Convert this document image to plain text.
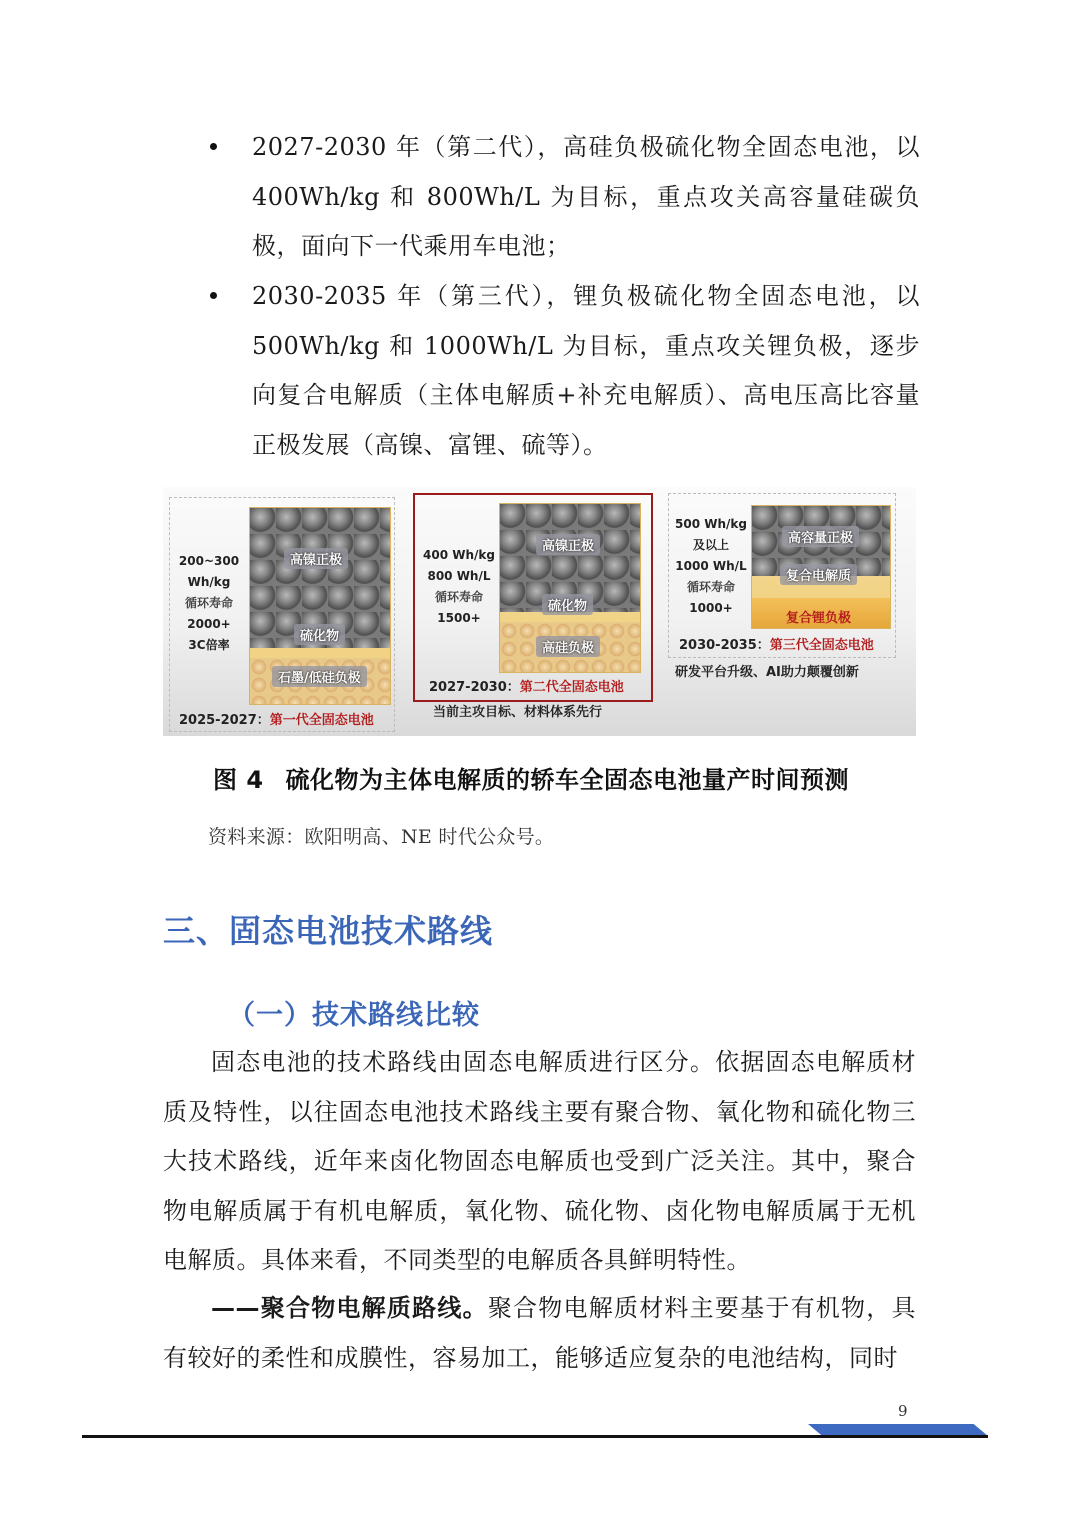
2027-2030 年（第二代），高硅负极硫化物全固态电池，以400Wh/kg 和 800Wh/L 为目标，重点攻关高容量硅碳负极，面向下一代乘用车电池；
2030-2035 年（第三代），锂负极硫化物全固态电池，以500Wh/kg 和 1000Wh/L 为目标，重点攻关锂负极，逐步向复合电解质（主体电解质+补充电解质）、高电压高比容量正极发展（高镍、富锂、硫等）。
200~300
Wh/kg
循环寿命
2000+
3C倍率
高镍正极
硫化物
石墨/低硅负极
2025-2027：第一代全固态电池
400 Wh/kg
800 Wh/L
循环寿命
1500+
高镍正极
硫化物
高硅负极
2027-2030：第二代全固态电池
当前主攻目标、材料体系先行
500 Wh/kg
及以上
1000 Wh/L
循环寿命
1000+
高容量正极
复合电解质
复合锂负极
2030-2035：第三代全固态电池
研发平台升级、AI助力颠覆创新
图 4 硫化物为主体电解质的轿车全固态电池量产时间预测
资料来源：欧阳明高、NE 时代公众号。
三、固态电池技术路线
（一）技术路线比较
固态电池的技术路线由固态电解质进行区分。依据固态电解质材质及特性，以往固态电池技术路线主要有聚合物、氧化物和硫化物三大技术路线，近年来卤化物固态电解质也受到广泛关注。其中，聚合物电解质属于有机电解质，氧化物、硫化物、卤化物电解质属于无机电解质。具体来看，不同类型的电解质各具鲜明特性。
——聚合物电解质路线。聚合物电解质材料主要基于有机物，具有较好的柔性和成膜性，容易加工，能够适应复杂的电池结构，同时
9
